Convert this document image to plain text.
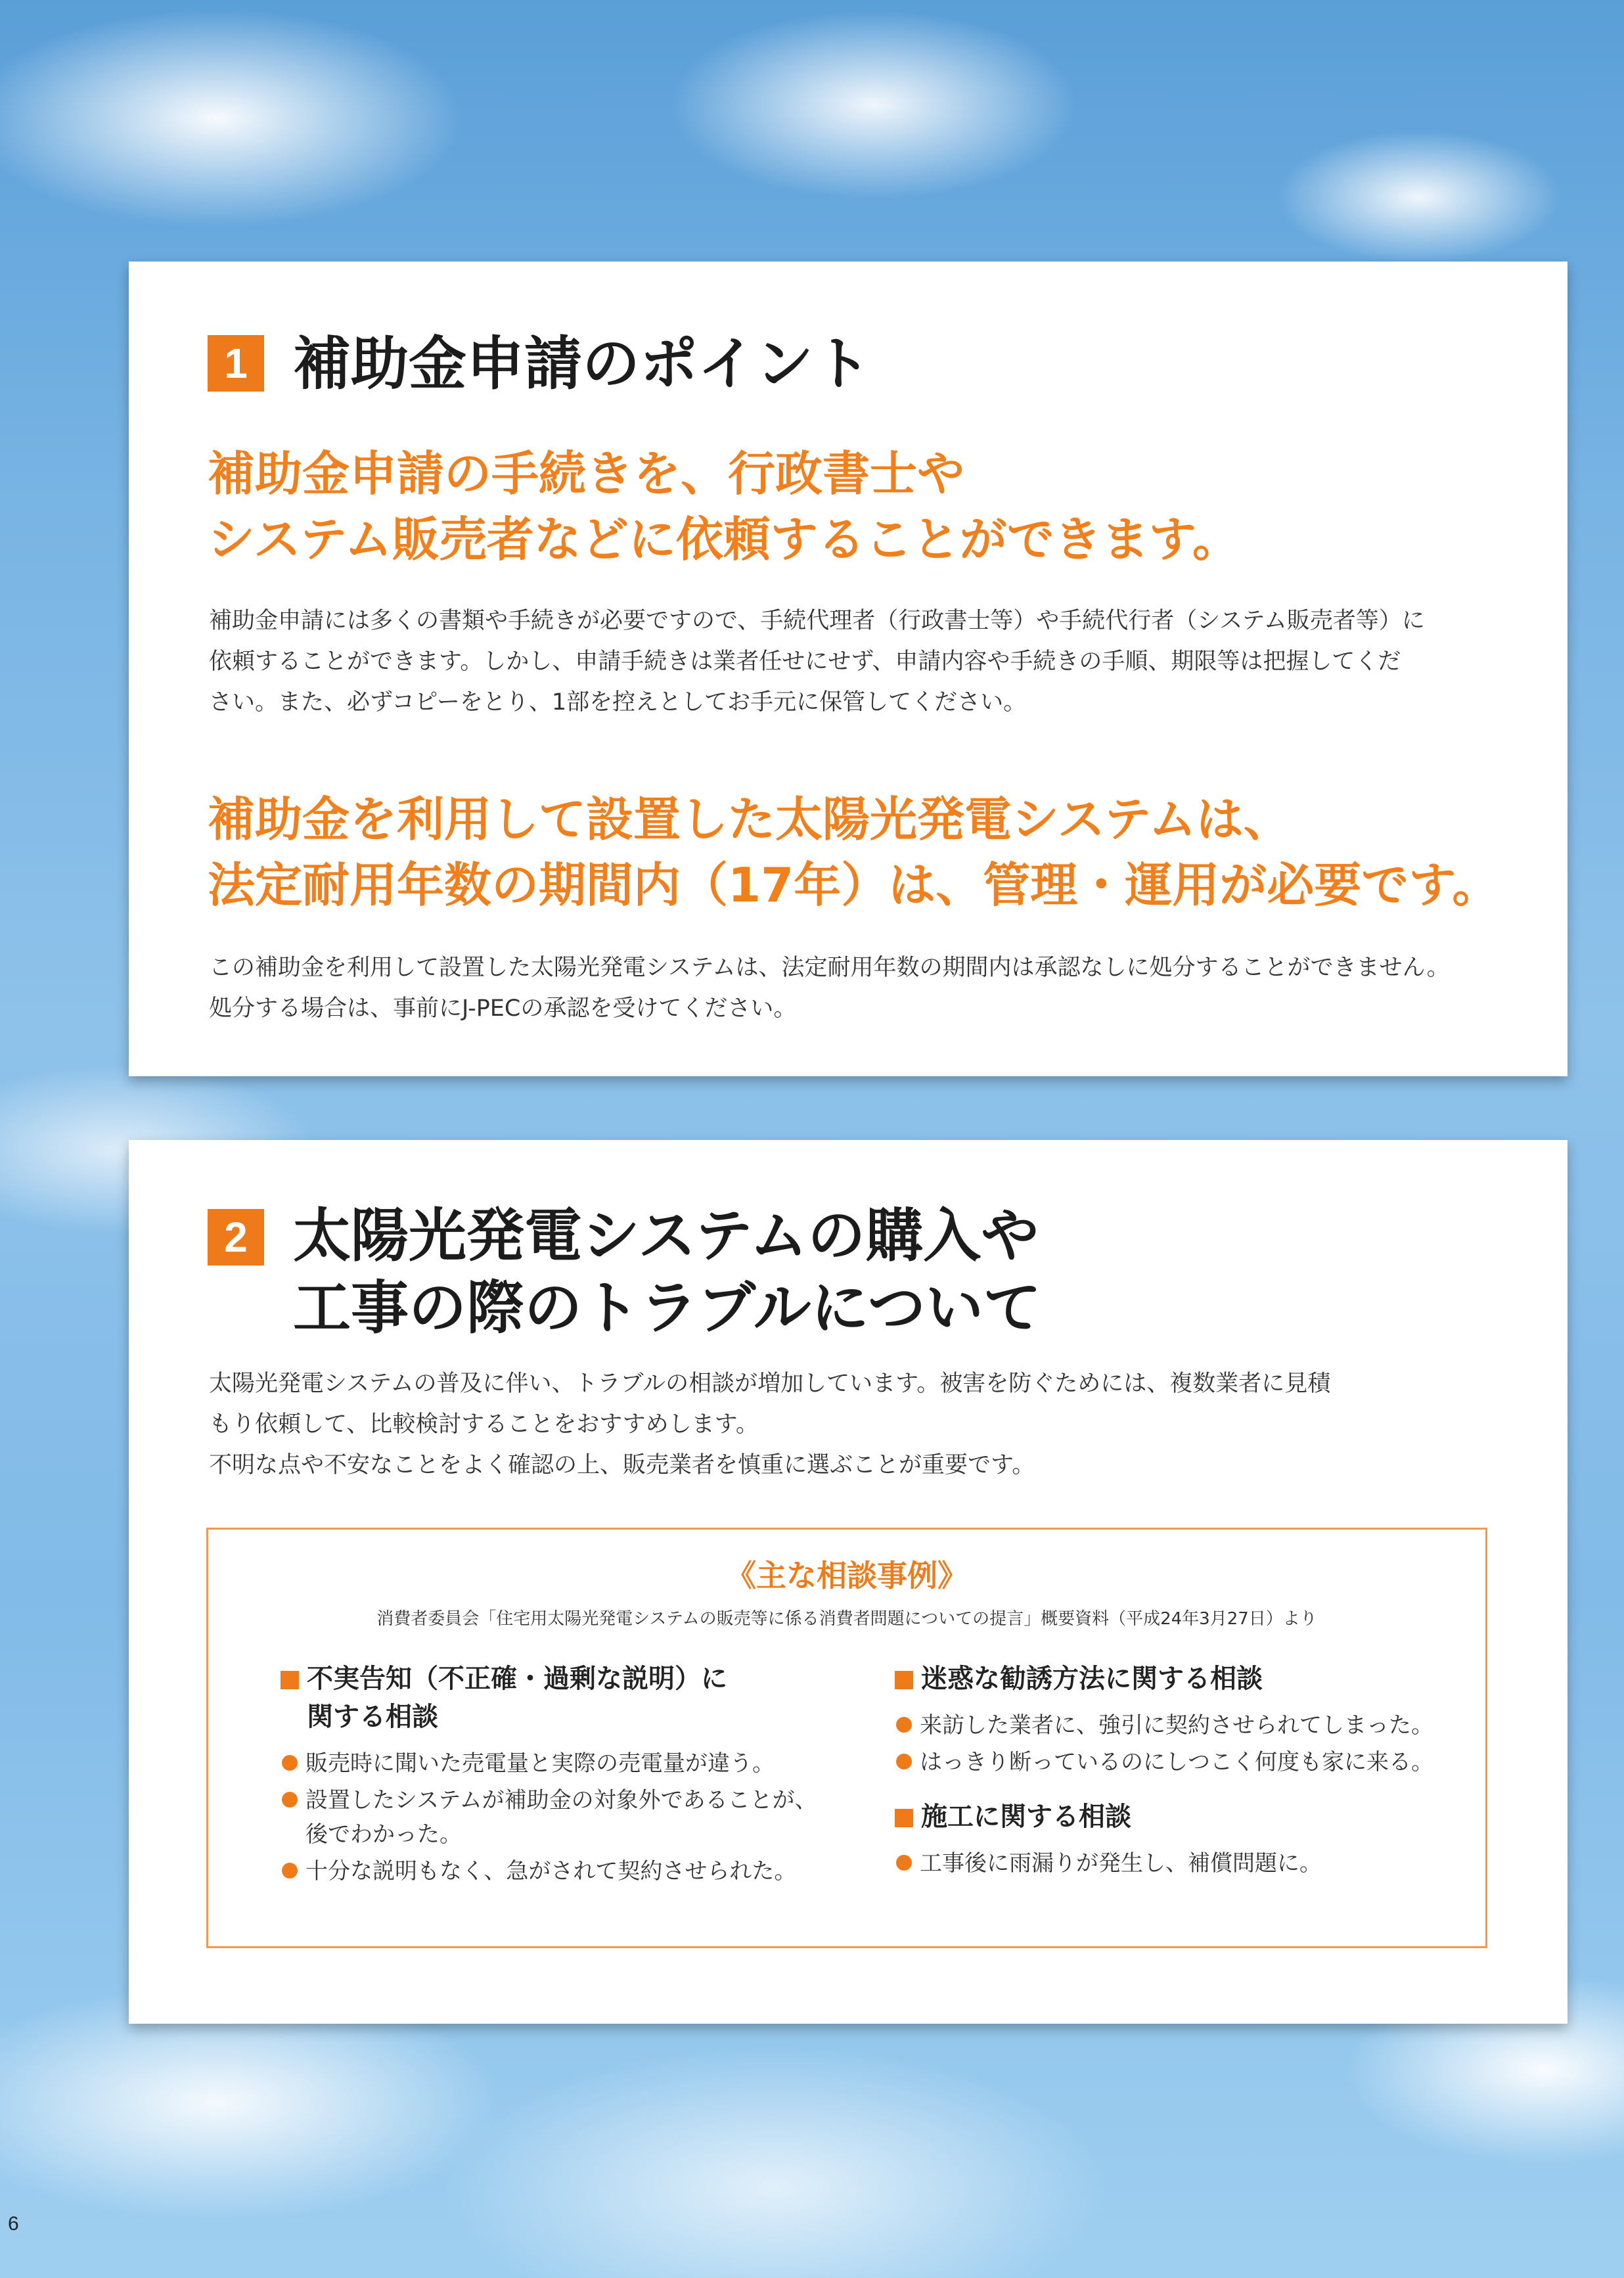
1 補助金申請のポイント
補助金申請の手続きを、行政書士や
システム販売者などに依頼することができます。

補助金申請には多くの書類や手続きが必要ですので、手続代理者（行政書士等）や手続代行者（システム販売者等）に
依頼することができます。しかし、申請手続きは業者任せにせず、申請内容や手続きの手順、期限等は把握してくだ
さい。また、必ずコピーをとり、1部を控えとしてお手元に保管してください。

補助金を利用して設置した太陽光発電システムは、
法定耐用年数の期間内（17年）は、管理・運用が必要です。

この補助金を利用して設置した太陽光発電システムは、法定耐用年数の期間内は承認なしに処分することができません。
処分する場合は、事前にJ-PECの承認を受けてください。

2 太陽光発電システムの購入や
工事の際のトラブルについて

太陽光発電システムの普及に伴い、トラブルの相談が増加しています。被害を防ぐためには、複数業者に見積
もり依頼して、比較検討することをおすすめします。
不明な点や不安なことをよく確認の上、販売業者を慎重に選ぶことが重要です。

《主な相談事例》
消費者委員会「住宅用太陽光発電システムの販売等に係る消費者問題についての提言」概要資料（平成24年3月27日）より
不実告知（不正確・過剰な説明）に
関する相談
販売時に聞いた売電量と実際の売電量が違う。
設置したシステムが補助金の対象外であることが、
後でわかった。
十分な説明もなく、急がされて契約させられた。
迷惑な勧誘方法に関する相談
来訪した業者に、強引に契約させられてしまった。
はっきり断っているのにしつこく何度も家に来る。
施工に関する相談
工事後に雨漏りが発生し、補償問題に。
6
